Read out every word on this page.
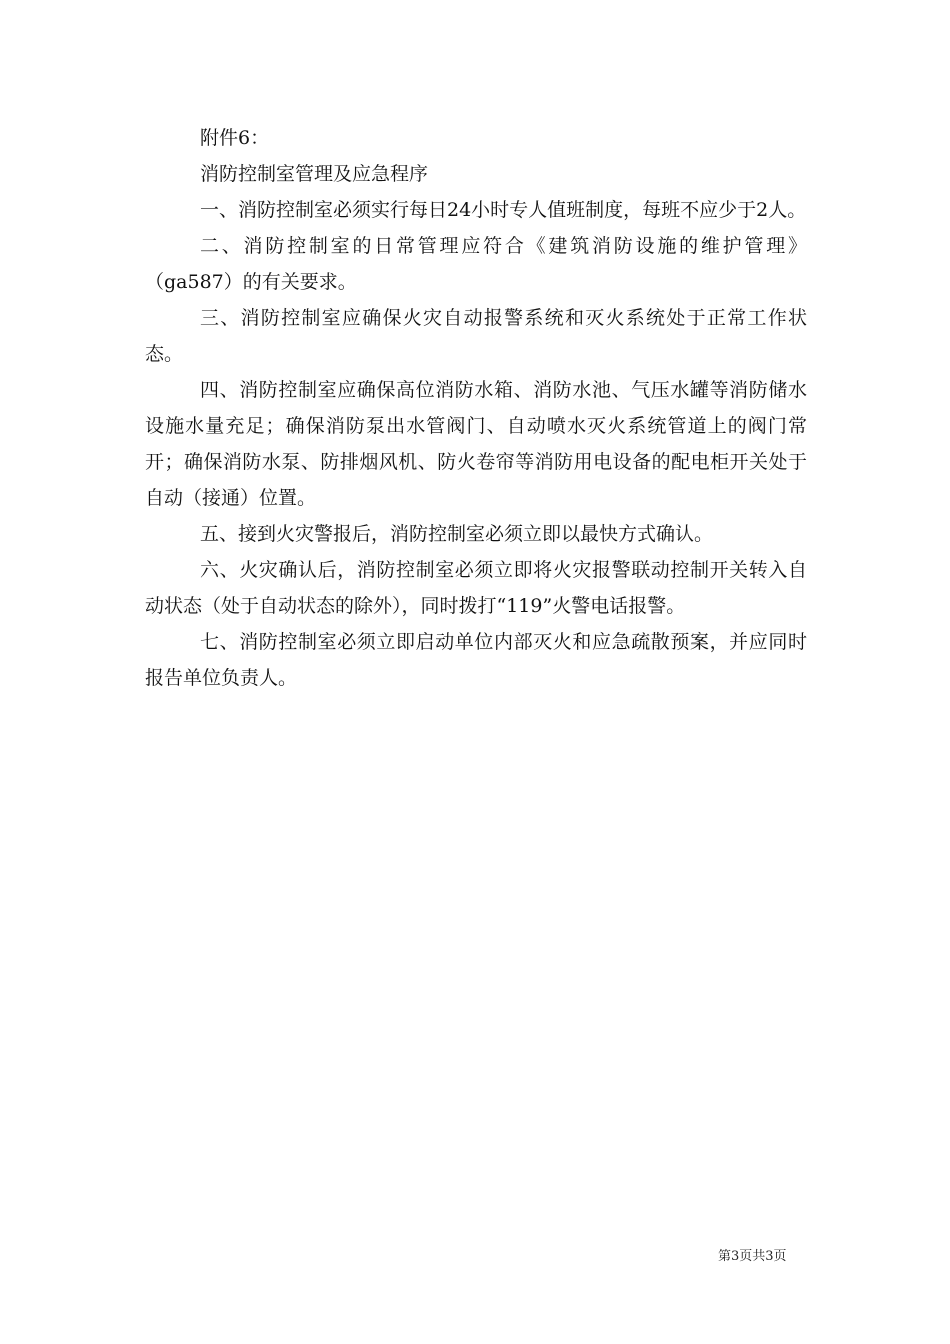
附件6：

消防控制室管理及应急程序

一、消防控制室必须实行每日24小时专人值班制度，每班不应少于2人。

二、消防控制室的日常管理应符合《建筑消防设施的维护管理》（ga587）的有关要求。

三、消防控制室应确保火灾自动报警系统和灭火系统处于正常工作状态。

四、消防控制室应确保高位消防水箱、消防水池、气压水罐等消防储水设施水量充足；确保消防泵出水管阀门、自动喷水灭火系统管道上的阀门常开；确保消防水泵、防排烟风机、防火卷帘等消防用电设备的配电柜开关处于自动（接通）位置。

五、接到火灾警报后，消防控制室必须立即以最快方式确认。

六、火灾确认后，消防控制室必须立即将火灾报警联动控制开关转入自动状态（处于自动状态的除外），同时拨打“119”火警电话报警。

七、消防控制室必须立即启动单位内部灭火和应急疏散预案，并应同时报告单位负责人。

第3页共3页
